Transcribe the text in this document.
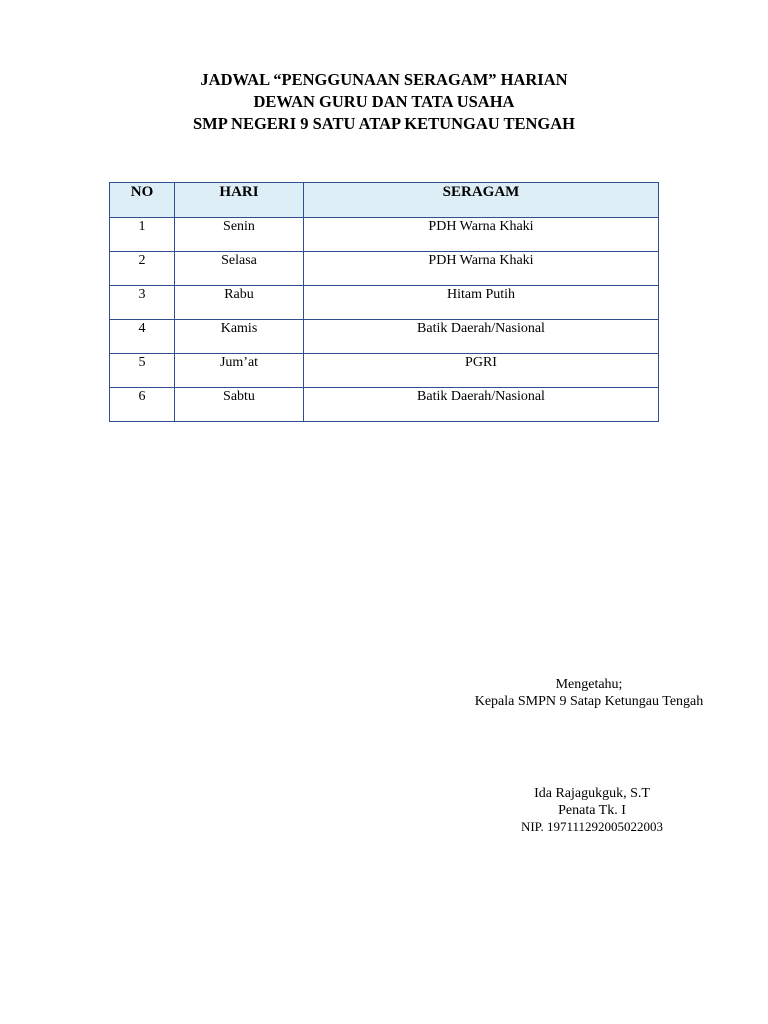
JADWAL “PENGGUNAAN SERAGAM” HARIAN
DEWAN GURU DAN TATA USAHA
SMP NEGERI 9 SATU ATAP KETUNGAU TENGAH
NO	HARI	SERAGAM
1	Senin	PDH Warna Khaki
2	Selasa	PDH Warna Khaki
3	Rabu	Hitam Putih
4	Kamis	Batik Daerah/Nasional
5	Jum’at	PGRI
6	Sabtu	Batik Daerah/Nasional
Mengetahu;
Kepala SMPN 9 Satap Ketungau Tengah
Ida Rajagukguk, S.T
Penata Tk. I
NIP. 197111292005022003
